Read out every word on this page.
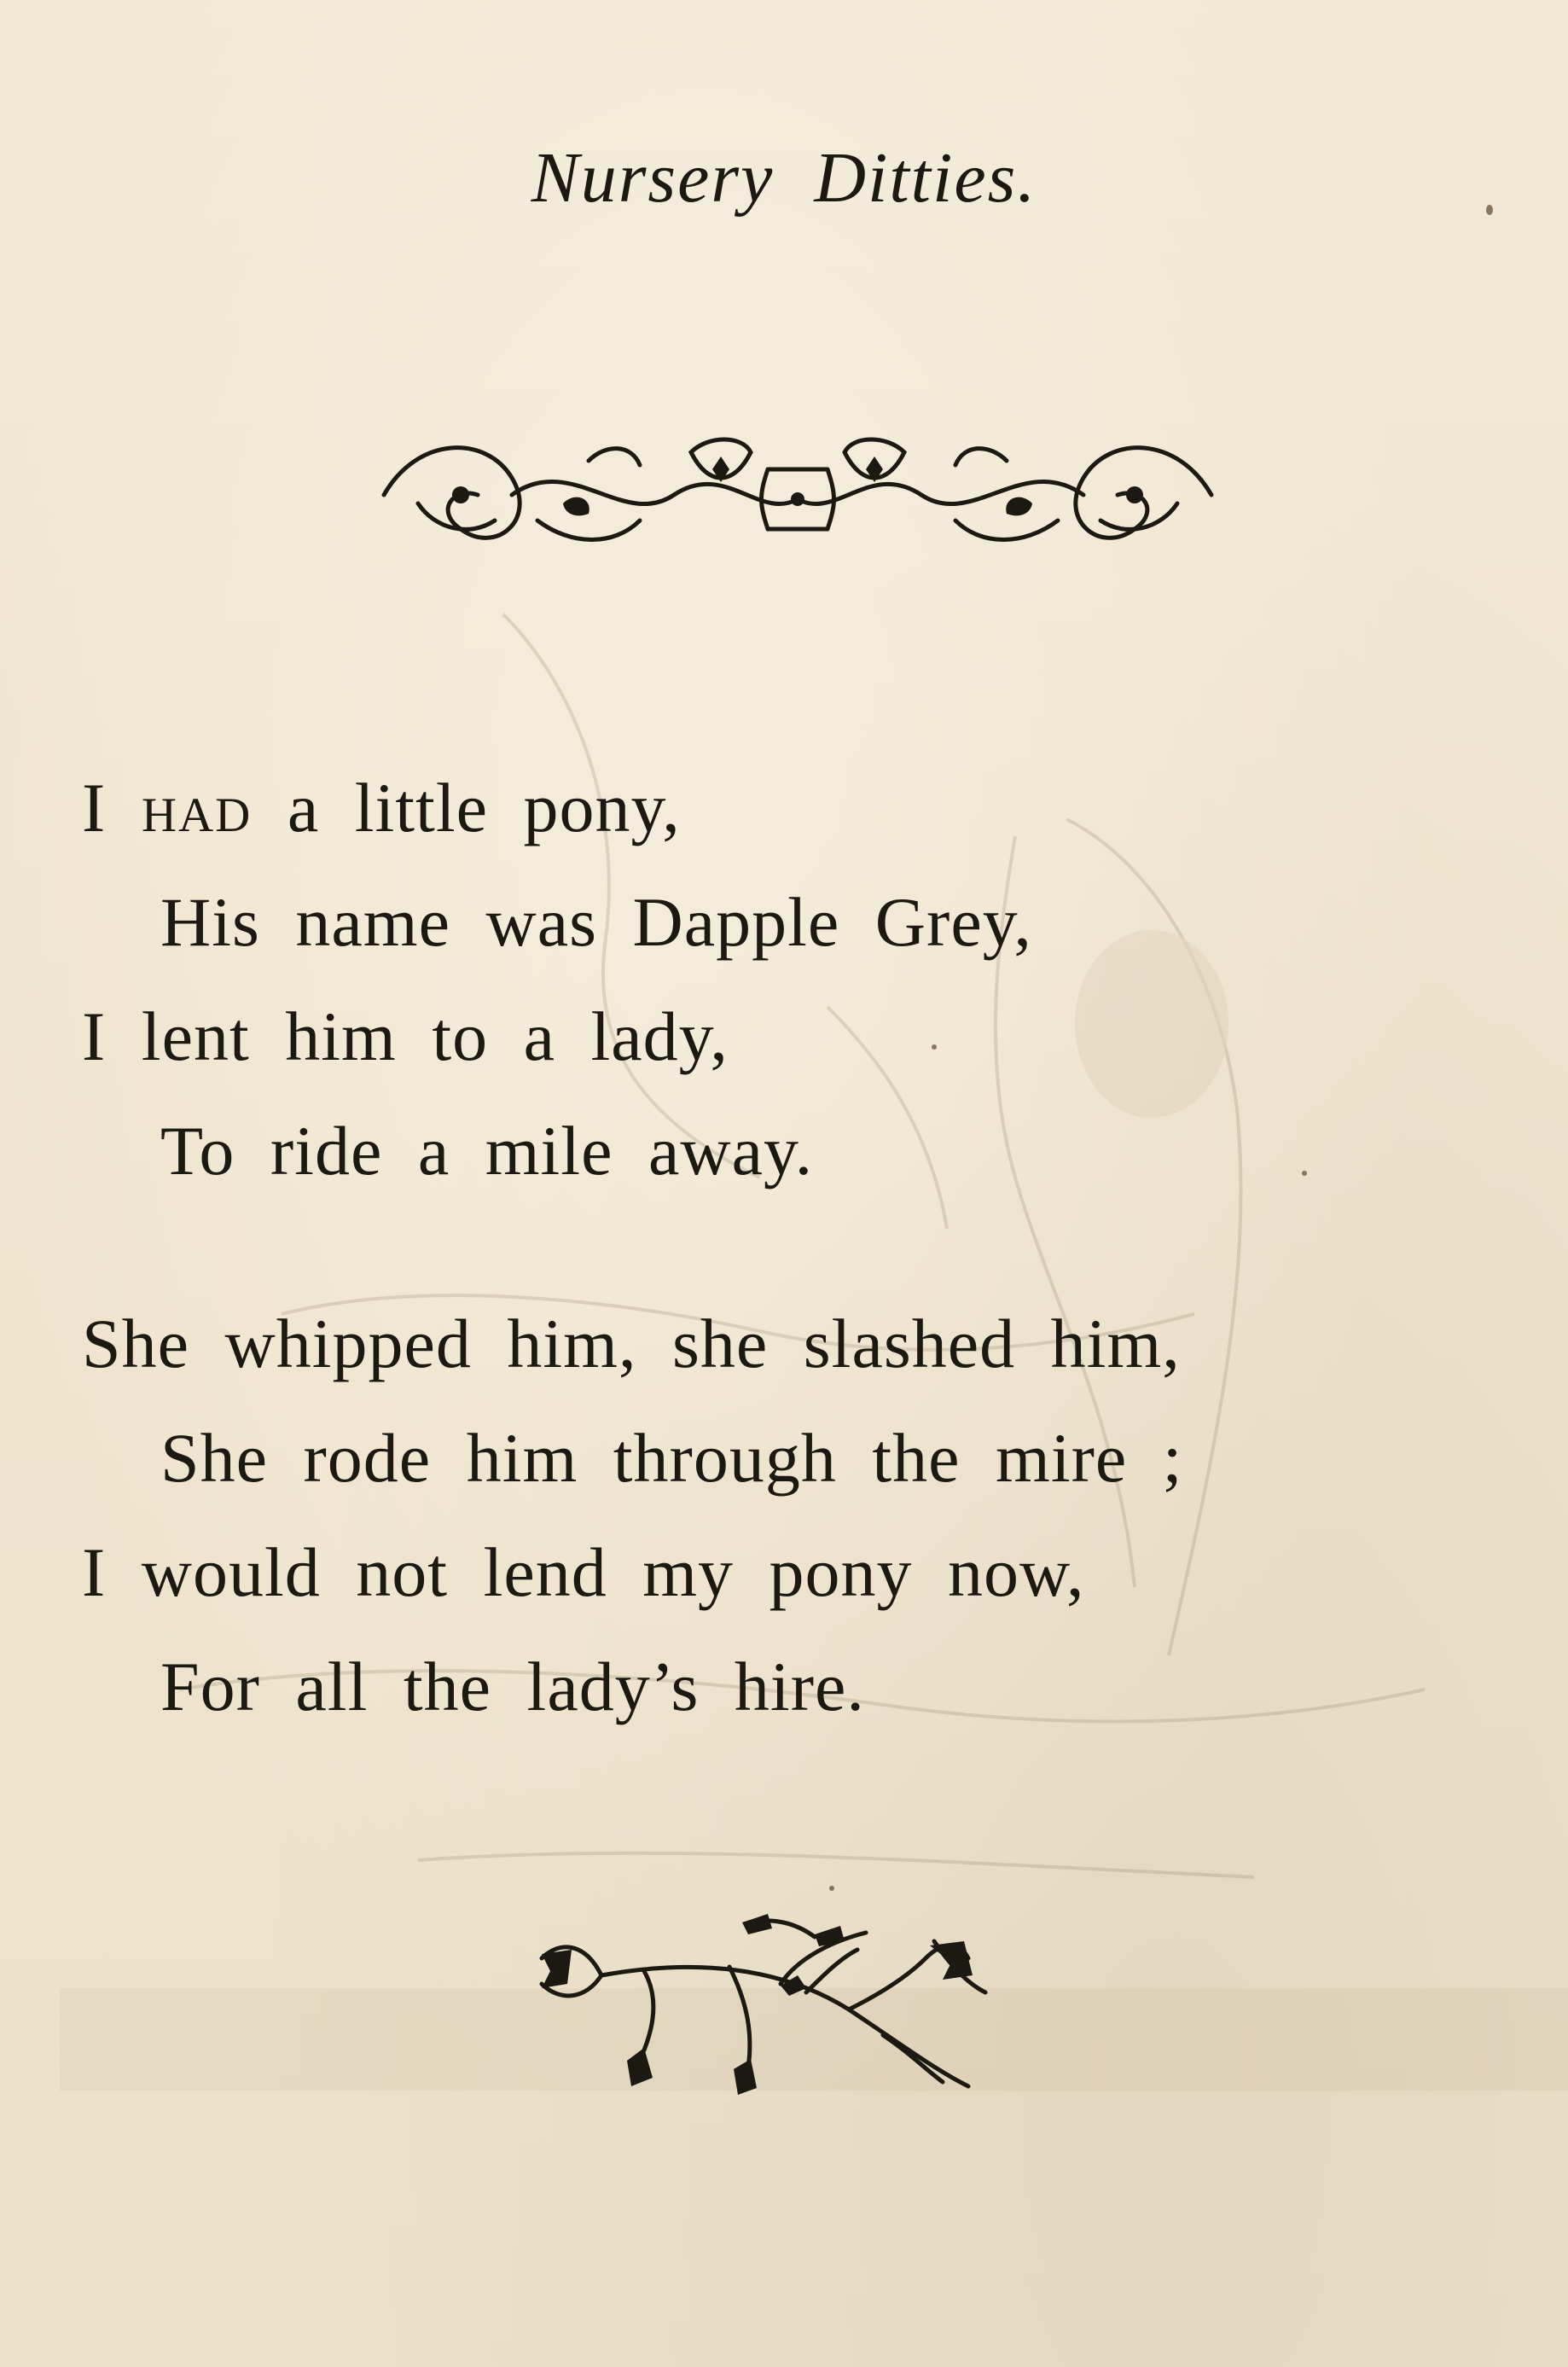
Nursery Ditties.
I had a little pony,
His name was Dapple Grey,
I lent him to a lady,
To ride a mile away.
She whipped him, she slashed him,
She rode him through the mire ;
I would not lend my pony now,
For all the lady’s hire.
